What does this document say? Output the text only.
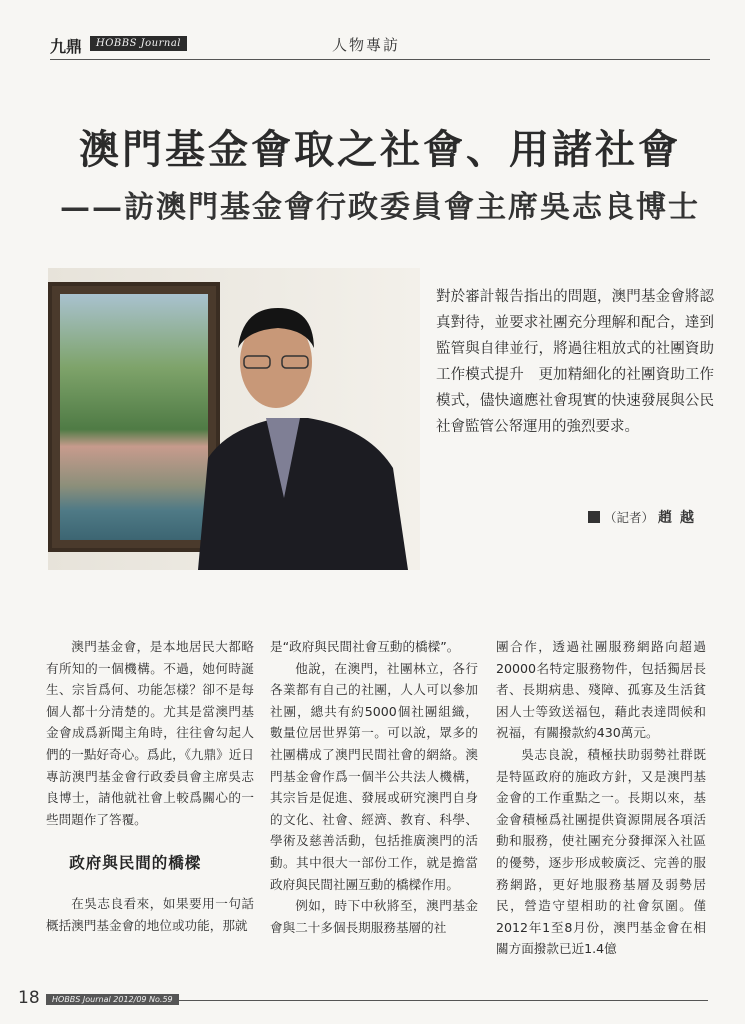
九鼎	HOBBS Journal	人物專訪
澳門基金會取之社會、用諸社會
——訪澳門基金會行政委員會主席吳志良博士

對於審計報告指出的問題，澳門基金會將認真對待，並要求社團充分理解和配合，達到監管與自律並行，將過往粗放式的社團資助工作模式提升　更加精細化的社團資助工作模式，儘快適應社會現實的快速發展與公民社會監管公帑運用的強烈要求。

（記者） 趙越

澳門基金會，是本地居民大都略有所知的一個機構。不過，她何時誕生、宗旨爲何、功能怎樣？卻不是每個人都十分清楚的。尤其是當澳門基金會成爲新聞主角時，往往會勾起人們的一點好奇心。爲此，《九鼎》近日專訪澳門基金會行政委員會主席吳志良博士，請他就社會上較爲關心的一些問題作了答覆。

政府與民間的橋樑

在吳志良看來，如果要用一句話概括澳門基金會的地位或功能，那就

是“政府與民間社會互動的橋樑”。

他說，在澳門，社團林立，各行各業都有自己的社團，人人可以參加社團，總共有約5000個社團組織，數量位居世界第一。可以說，眾多的社團構成了澳門民間社會的網絡。澳門基金會作爲一個半公共法人機構，其宗旨是促進、發展或研究澳門自身的文化、社會、經濟、教育、科學、學術及慈善活動，包括推廣澳門的活動。其中很大一部份工作，就是擔當政府與民間社團互動的橋樑作用。

例如，時下中秋將至，澳門基金會與二十多個長期服務基層的社

團合作，透過社團服務網路向超過20000名特定服務物件，包括獨居長者、長期病患、殘障、孤寡及生活貧困人士等致送福包，藉此表達問候和祝福，有關撥款約430萬元。

吳志良說，積極扶助弱勢社群既是特區政府的施政方針，又是澳門基金會的工作重點之一。長期以來，基金會積極爲社團提供資源開展各項活動和服務，使社團充分發揮深入社區的優勢，逐步形成較廣泛、完善的服務網路，更好地服務基層及弱勢居民，營造守望相助的社會氛圍。僅2012年1至8月份，澳門基金會在相關方面撥款已近1.4億

18	HOBBS Journal 2012/09 No.59
